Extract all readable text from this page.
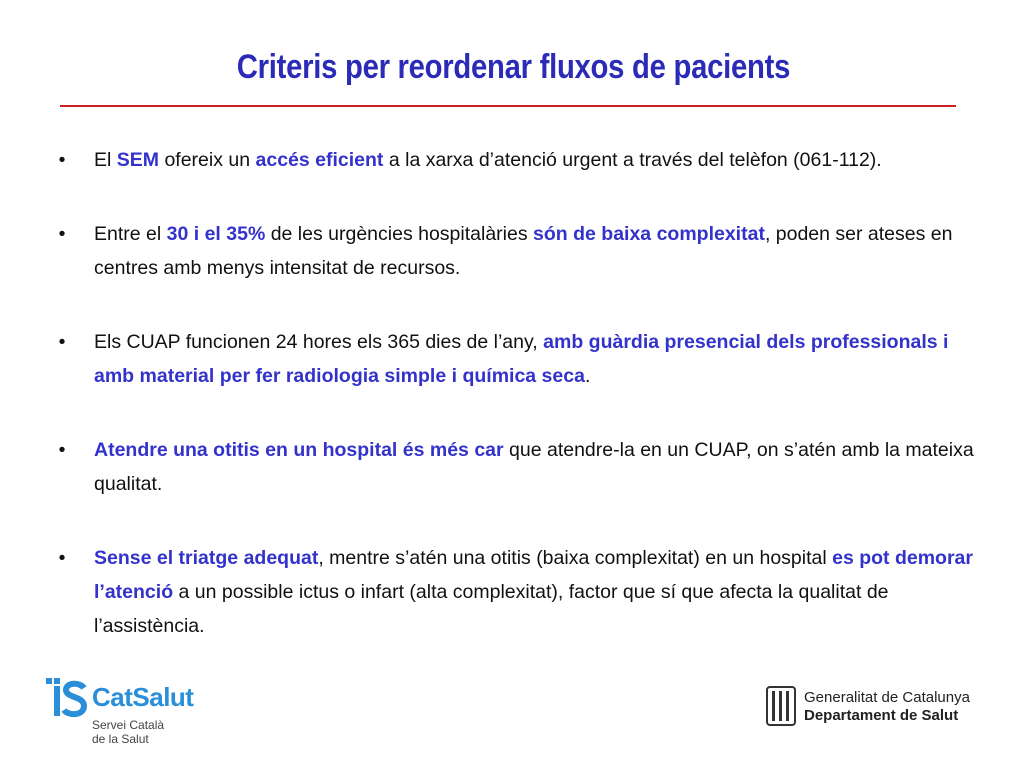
Criteris per reordenar fluxos de pacients
•	El SEM ofereix un accés eficient a la xarxa d’atenció urgent a través del telèfon (061-112).
•	Entre el 30 i el 35% de les urgències hospitalàries són de baixa complexitat, poden ser ateses en centres amb menys intensitat de recursos.
•	Els CUAP funcionen 24 hores els 365 dies de l’any, amb guàrdia presencial dels professionals i amb material per fer radiologia simple i química seca.
•	Atendre una otitis en un hospital és més car que atendre-la en un CUAP, on s’atén amb la mateixa qualitat.
•	Sense el triatge adequat, mentre s’atén una otitis (baixa complexitat) en un hospital es pot demorar l’atenció a un possible ictus o infart (alta complexitat), factor que sí que afecta la qualitat de l’assistència.
CatSalut
Servei Català
de la Salut
Generalitat de Catalunya
Departament de Salut
